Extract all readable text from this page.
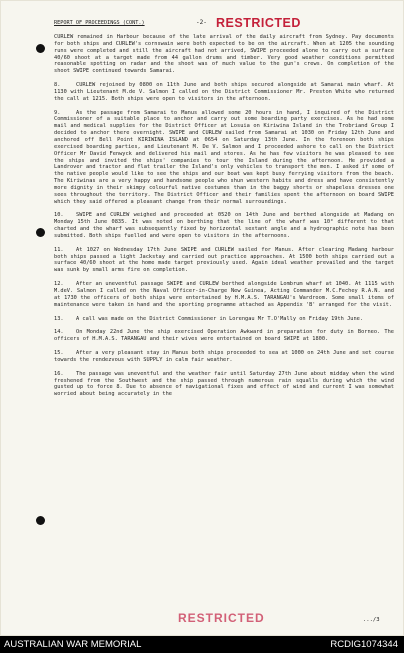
REPORT OF PROCEEDINGS (CONT.)	-2- RESTRICTED

CURLEW remained in Harbour because of the late arrival of the daily aircraft from Sydney. Pay documents for both ships and CURLEW's cornswain were both expected to be on the aircraft. When at 1205 the sounding runs were completed and still the aircraft had not arrived, SWIPE proceeded alone to carry out a surface 40/60 shoot at a target made from 44 gallon drums and timber. Very good weather conditions permitted reasonable spotting on radar and the shoot was of much value to the gun's crews. On completion of the shoot SWIPE continued towards Samarai.

8.	CURLEW rejoined by 0800 on 11th June and both ships secured alongside at Samarai main wharf. At 1130 with Lieutenant M.de V. Salmon I called on the District Commissioner Mr. Preston White who returned the call at 1215. Both ships were open to visitors in the afternoon.

9.	As the passage from Samarai to Manus allowed some 20 hours in hand, I inquired of the District Commissioner of a suitable place to anchor and carry out some boarding party exercises. As he had some mail and medical supplies for the District Officer at Losuia on Kiriwina Island in the Trobriand Group I decided to anchor there overnight. SWIPE and CURLEW sailed from Samarai at 1030 on Friday 12th June and anchored off Bell Point KIRIWINA ISLAND at 0654 on Saturday 13th June. In the forenoon both ships exercised boarding parties, and Lieutenant M. De V. Salmon and I proceeded ashore to call on the District Officer Mr David Fenwyck and delivered his mail and stores. As he has few visitors he was pleased to see the ships and invited the ships' companies to tour the Island during the afternoon. He provided a Landrover and tractor and flat trailer the Island's only vehicles to transport the men. I asked if some of the native people would like to see the ships and our boat was kept busy ferrying visitors from the beach. The Kiriwinas are a very happy and handsome people who shun western habits and dress and have consistently more dignity in their skimpy colourful native costumes than in the baggy shorts or shapeless dresses one sees throughout the territory. The District Officer and their families spent the afternoon on board SWIPE which they said offered a pleasant change from their normal surroundings.

10. SWIPE and CURLEW weighed and proceeded at 0520 on 14th June and berthed alongside at Madang on Monday 15th June 0835. It was noted on berthing that the line of the wharf was 10° different to that charted and the wharf was subsequently fixed by horizontal sextant angle and a hydrographic note has been submitted. Both ships fuelled and were open to visitors in the afternoons.

11. At 1027 on Wednesday 17th June SWIPE and CURLEW sailed for Manus. After clearing Madang harbour both ships passed a light Jackstay and carried out practice approaches. At 1500 both ships carried out a surface 40/60 shoot at the home made target previously used. Again ideal weather prevailed and the target was sunk by small arms fire on completion.

12. After an uneventful passage SWIPE and CURLEW berthed alongside Lombrum wharf at 1040. At 1115 with M.deV. Salmon I called on the Naval Officer-in-Charge New Guinea, Acting Commander M.C.Fechey R.A.N. and at 1730 the officers of both ships were entertained by H.M.A.S. TARANGAU's Wardroom. Some small items of maintenance were taken in hand and the sporting programme attached as Appendix 'B' arranged for the visit.

13. A call was made on the District Commissioner in Lorengau Mr T.O'Mally on Friday 19th June.

14. On Monday 22nd June the ship exercised Operation Awkward in preparation for duty in Borneo. The officers of H.M.A.S. TARANGAU and their wives were entertained on board SWIPE at 1800.

15. After a very pleasant stay in Manus both ships proceeded to sea at 1000 on 24th June and set course towards the rendezvous with SUPPLY in calm fair weather.

16. The passage was uneventful and the weather fair until Saturday 27th June about midday when the wind freshened from the Southwest and the ship passed through numerous rain squalls during which the wind gusted up to force 8. Due to absence of navigational fixes and effect of wind and current I was somewhat worried about being accurately in the

RESTRICTED	.../3
AUSTRALIAN WAR MEMORIAL	RCDIG1074344
